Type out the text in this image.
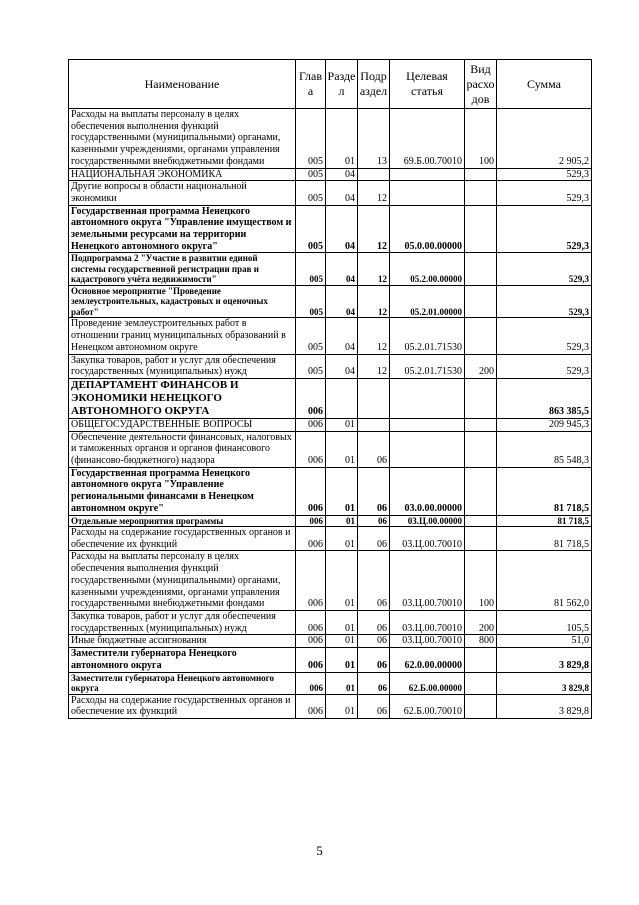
Наименование	Глав а	Разде л	Подр аздел	Целевая статья	Вид расхо дов	Сумма
Расходы на выплаты персоналу в целях обеспечения выполнения функций государственными (муниципальными) органами, казенными учреждениями, органами управления государственными внебюджетными фондами	005	01	13	69.Б.00.70010	100	2 905,2
НАЦИОНАЛЬНАЯ ЭКОНОМИКА	005	04				529,3
Другие вопросы в области национальной экономики	005	04	12			529,3
Государственная программа Ненецкого автономного округа "Управление имуществом и земельными ресурсами на территории Ненецкого автономного округа"	005	04	12	05.0.00.00000		529,3
Подпрограмма 2 "Участие в развитии единой системы государственной регистрации прав и кадастрового учёта недвижимости"	005	04	12	05.2.00.00000		529,3
Основное мероприятие "Проведение землеустроительных, кадастровых и оценочных работ"	005	04	12	05.2.01.00000		529,3
Проведение землеустроительных работ в отношении границ муниципальных образований в Ненецком автономном округе	005	04	12	05.2.01.71530		529,3
Закупка товаров, работ и услуг для обеспечения государственных (муниципальных) нужд	005	04	12	05.2.01.71530	200	529,3
ДЕПАРТАМЕНТ ФИНАНСОВ И ЭКОНОМИКИ НЕНЕЦКОГО АВТОНОМНОГО ОКРУГА	006					863 385,5
ОБЩЕГОСУДАРСТВЕННЫЕ ВОПРОСЫ	006	01				209 945,3
Обеспечение деятельности финансовых, налоговых и таможенных органов и органов финансового (финансово-бюджетного) надзора	006	01	06			85 548,3
Государственная программа Ненецкого автономного округа "Управление региональными финансами в Ненецком автономном округе"	006	01	06	03.0.00.00000		81 718,5
Отдельные мероприятия программы	006	01	06	03.Ц.00.00000		81 718,5
Расходы на содержание государственных органов и обеспечение их функций	006	01	06	03.Ц.00.70010		81 718,5
Расходы на выплаты персоналу в целях обеспечения выполнения функций государственными (муниципальными) органами, казенными учреждениями, органами управления государственными внебюджетными фондами	006	01	06	03.Ц.00.70010	100	81 562,0
Закупка товаров, работ и услуг для обеспечения государственных (муниципальных) нужд	006	01	06	03.Ц.00.70010	200	105,5
Иные бюджетные ассигнования	006	01	06	03.Ц.00.70010	800	51,0
Заместители губернатора Ненецкого автономного округа	006	01	06	62.0.00.00000		3 829,8
Заместители губернатора Ненецкого автономного округа	006	01	06	62.Б.00.00000		3 829,8
Расходы на содержание государственных органов и обеспечение их функций	006	01	06	62.Б.00.70010		3 829,8
5
